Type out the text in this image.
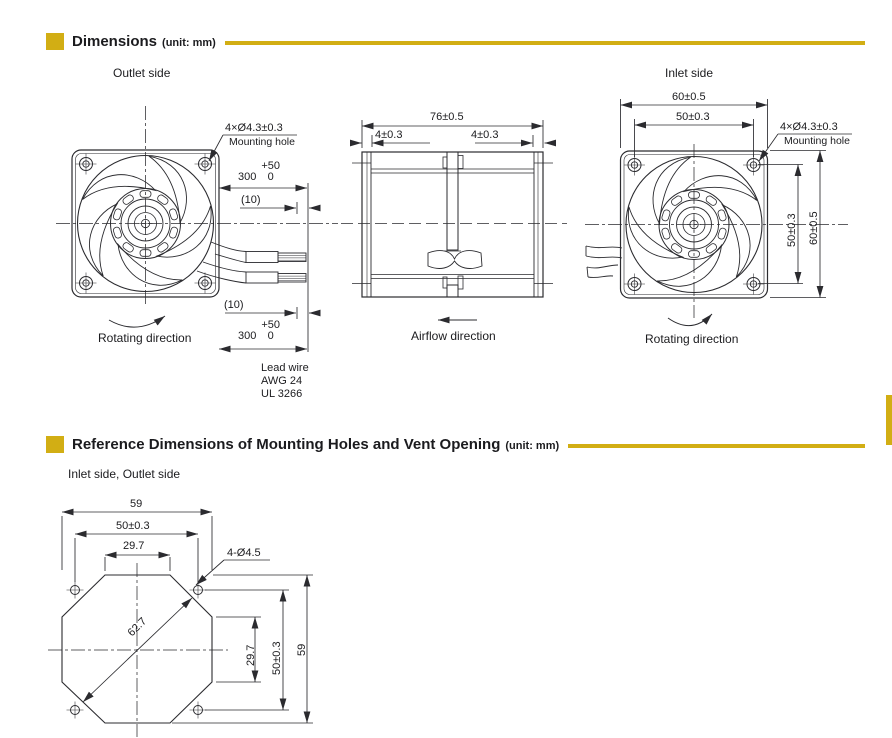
Dimensions (unit: mm)
Reference Dimensions of Mounting Holes and Vent Opening (unit: mm)
Outlet side	Inlet side
4×Ø4.3±0.3
Mounting hole
300
+50
0
(10)
(10)
300
+50
0
Lead wire
AWG 24
UL 3266
Rotating direction	Airflow direction	Rotating direction
76±0.5
4±0.3	4±0.3
4×Ø4.3±0.3
Mounting hole
60±0.5
50±0.3
50±0.3 60±0.5
Inlet side, Outlet side
59
50±0.3
29.7
4-Ø4.5
62.7
29.7 50±0.3 59
